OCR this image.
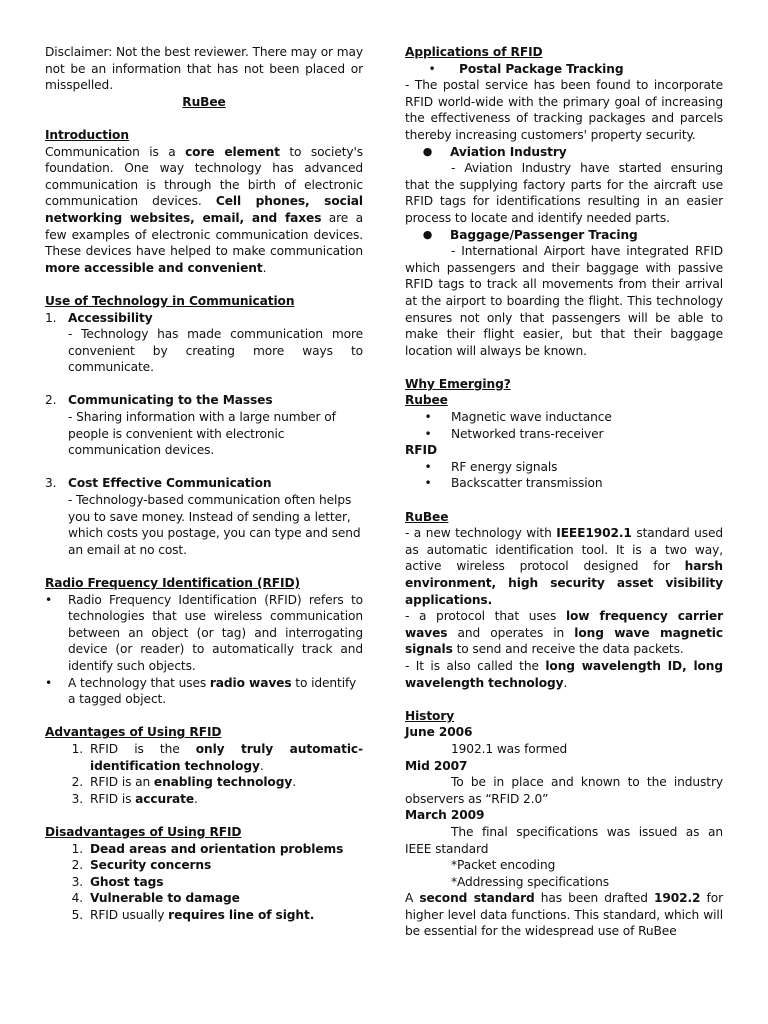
Disclaimer: Not the best reviewer. There may or may not be an information that has not been placed or misspelled.

RuBee

Introduction

Communication is a core element to society's foundation. One way technology has advanced communication is through the birth of electronic communication devices. Cell phones, social networking websites, email, and faxes are a few examples of electronic communication devices. These devices have helped to make communication more accessible and convenient.

Use of Technology in Communication

1. Accessibility

- Technology has made communication more convenient by creating more ways to communicate.

2. Communicating to the Masses

- Sharing information with a large number of people is convenient with electronic communication devices.

3. Cost Effective Communication

- Technology-based communication often helps you to save money. Instead of sending a letter, which costs you postage, you can type and send an email at no cost.

Radio Frequency Identification (RFID)

•	Radio Frequency Identification (RFID) refers to technologies that use wireless communication between an object (or tag) and interrogating device (or reader) to automatically track and identify such objects.
•	A technology that uses radio waves to identify a tagged object.

Advantages of Using RFID

1. RFID is the only truly automatic-identification technology.
2. RFID is an enabling technology.
3. RFID is accurate.

Disadvantages of Using RFID

1. Dead areas and orientation problems
2. Security concerns
3. Ghost tags
4. Vulnerable to damage
5. RFID usually requires line of sight.

Applications of RFID

•	Postal Package Tracking

- The postal service has been found to incorporate RFID world-wide with the primary goal of increasing the effectiveness of tracking packages and parcels thereby increasing customers' property security.

●	Aviation Industry

- Aviation Industry have started ensuring that the supplying factory parts for the aircraft use RFID tags for identifications resulting in an easier process to locate and identify needed parts.

●	Baggage/Passenger Tracing

- International Airport have integrated RFID which passengers and their baggage with passive RFID tags to track all movements from their arrival at the airport to boarding the flight. This technology ensures not only that passengers will be able to make their flight easier, but that their baggage location will always be known.

Why Emerging?

Rubee

•	Magnetic wave inductance
•	Networked trans-receiver

RFID

•	RF energy signals
•	Backscatter transmission

RuBee

- a new technology with IEEE1902.1 standard used as automatic identification tool. It is a two way, active wireless protocol designed for harsh environment, high security asset visibility applications.

- a protocol that uses low frequency carrier waves and operates in long wave magnetic signals to send and receive the data packets.

- It is also called the long wavelength ID, long wavelength technology.

History

June 2006

1902.1 was formed

Mid 2007

To be in place and known to the industry observers as “RFID 2.0”

March 2009

The final specifications was issued as an IEEE standard

*Packet encoding

*Addressing specifications

A second standard has been drafted 1902.2 for higher level data functions. This standard, which will be essential for the widespread use of RuBee
